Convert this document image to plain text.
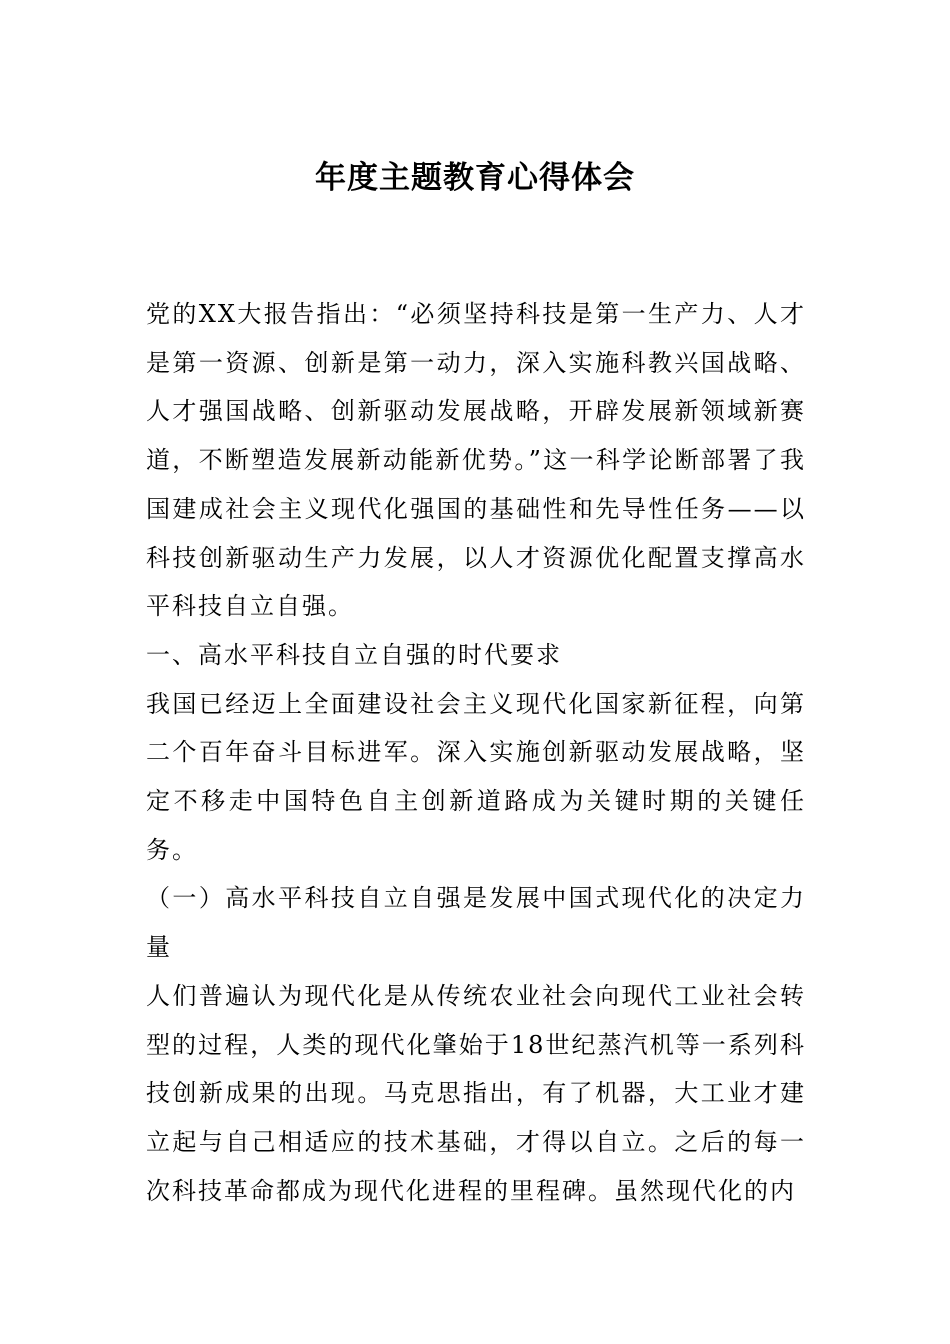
年度主题教育心得体会

党的XX大报告指出：“必须坚持科技是第一生产力、人才是第一资源、创新是第一动力，深入实施科教兴国战略、人才强国战略、创新驱动发展战略，开辟发展新领域新赛道，不断塑造发展新动能新优势。”这一科学论断部署了我国建成社会主义现代化强国的基础性和先导性任务——以科技创新驱动生产力发展，以人才资源优化配置支撑高水平科技自立自强。

一、高水平科技自立自强的时代要求

我国已经迈上全面建设社会主义现代化国家新征程，向第二个百年奋斗目标进军。深入实施创新驱动发展战略，坚定不移走中国特色自主创新道路成为关键时期的关键任务。

（一）高水平科技自立自强是发展中国式现代化的决定力量

人们普遍认为现代化是从传统农业社会向现代工业社会转型的过程，人类的现代化肇始于18世纪蒸汽机等一系列科技创新成果的出现。马克思指出，有了机器，大工业才建立起与自己相适应的技术基础，才得以自立。之后的每一次科技革命都成为现代化进程的里程碑。虽然现代化的内
